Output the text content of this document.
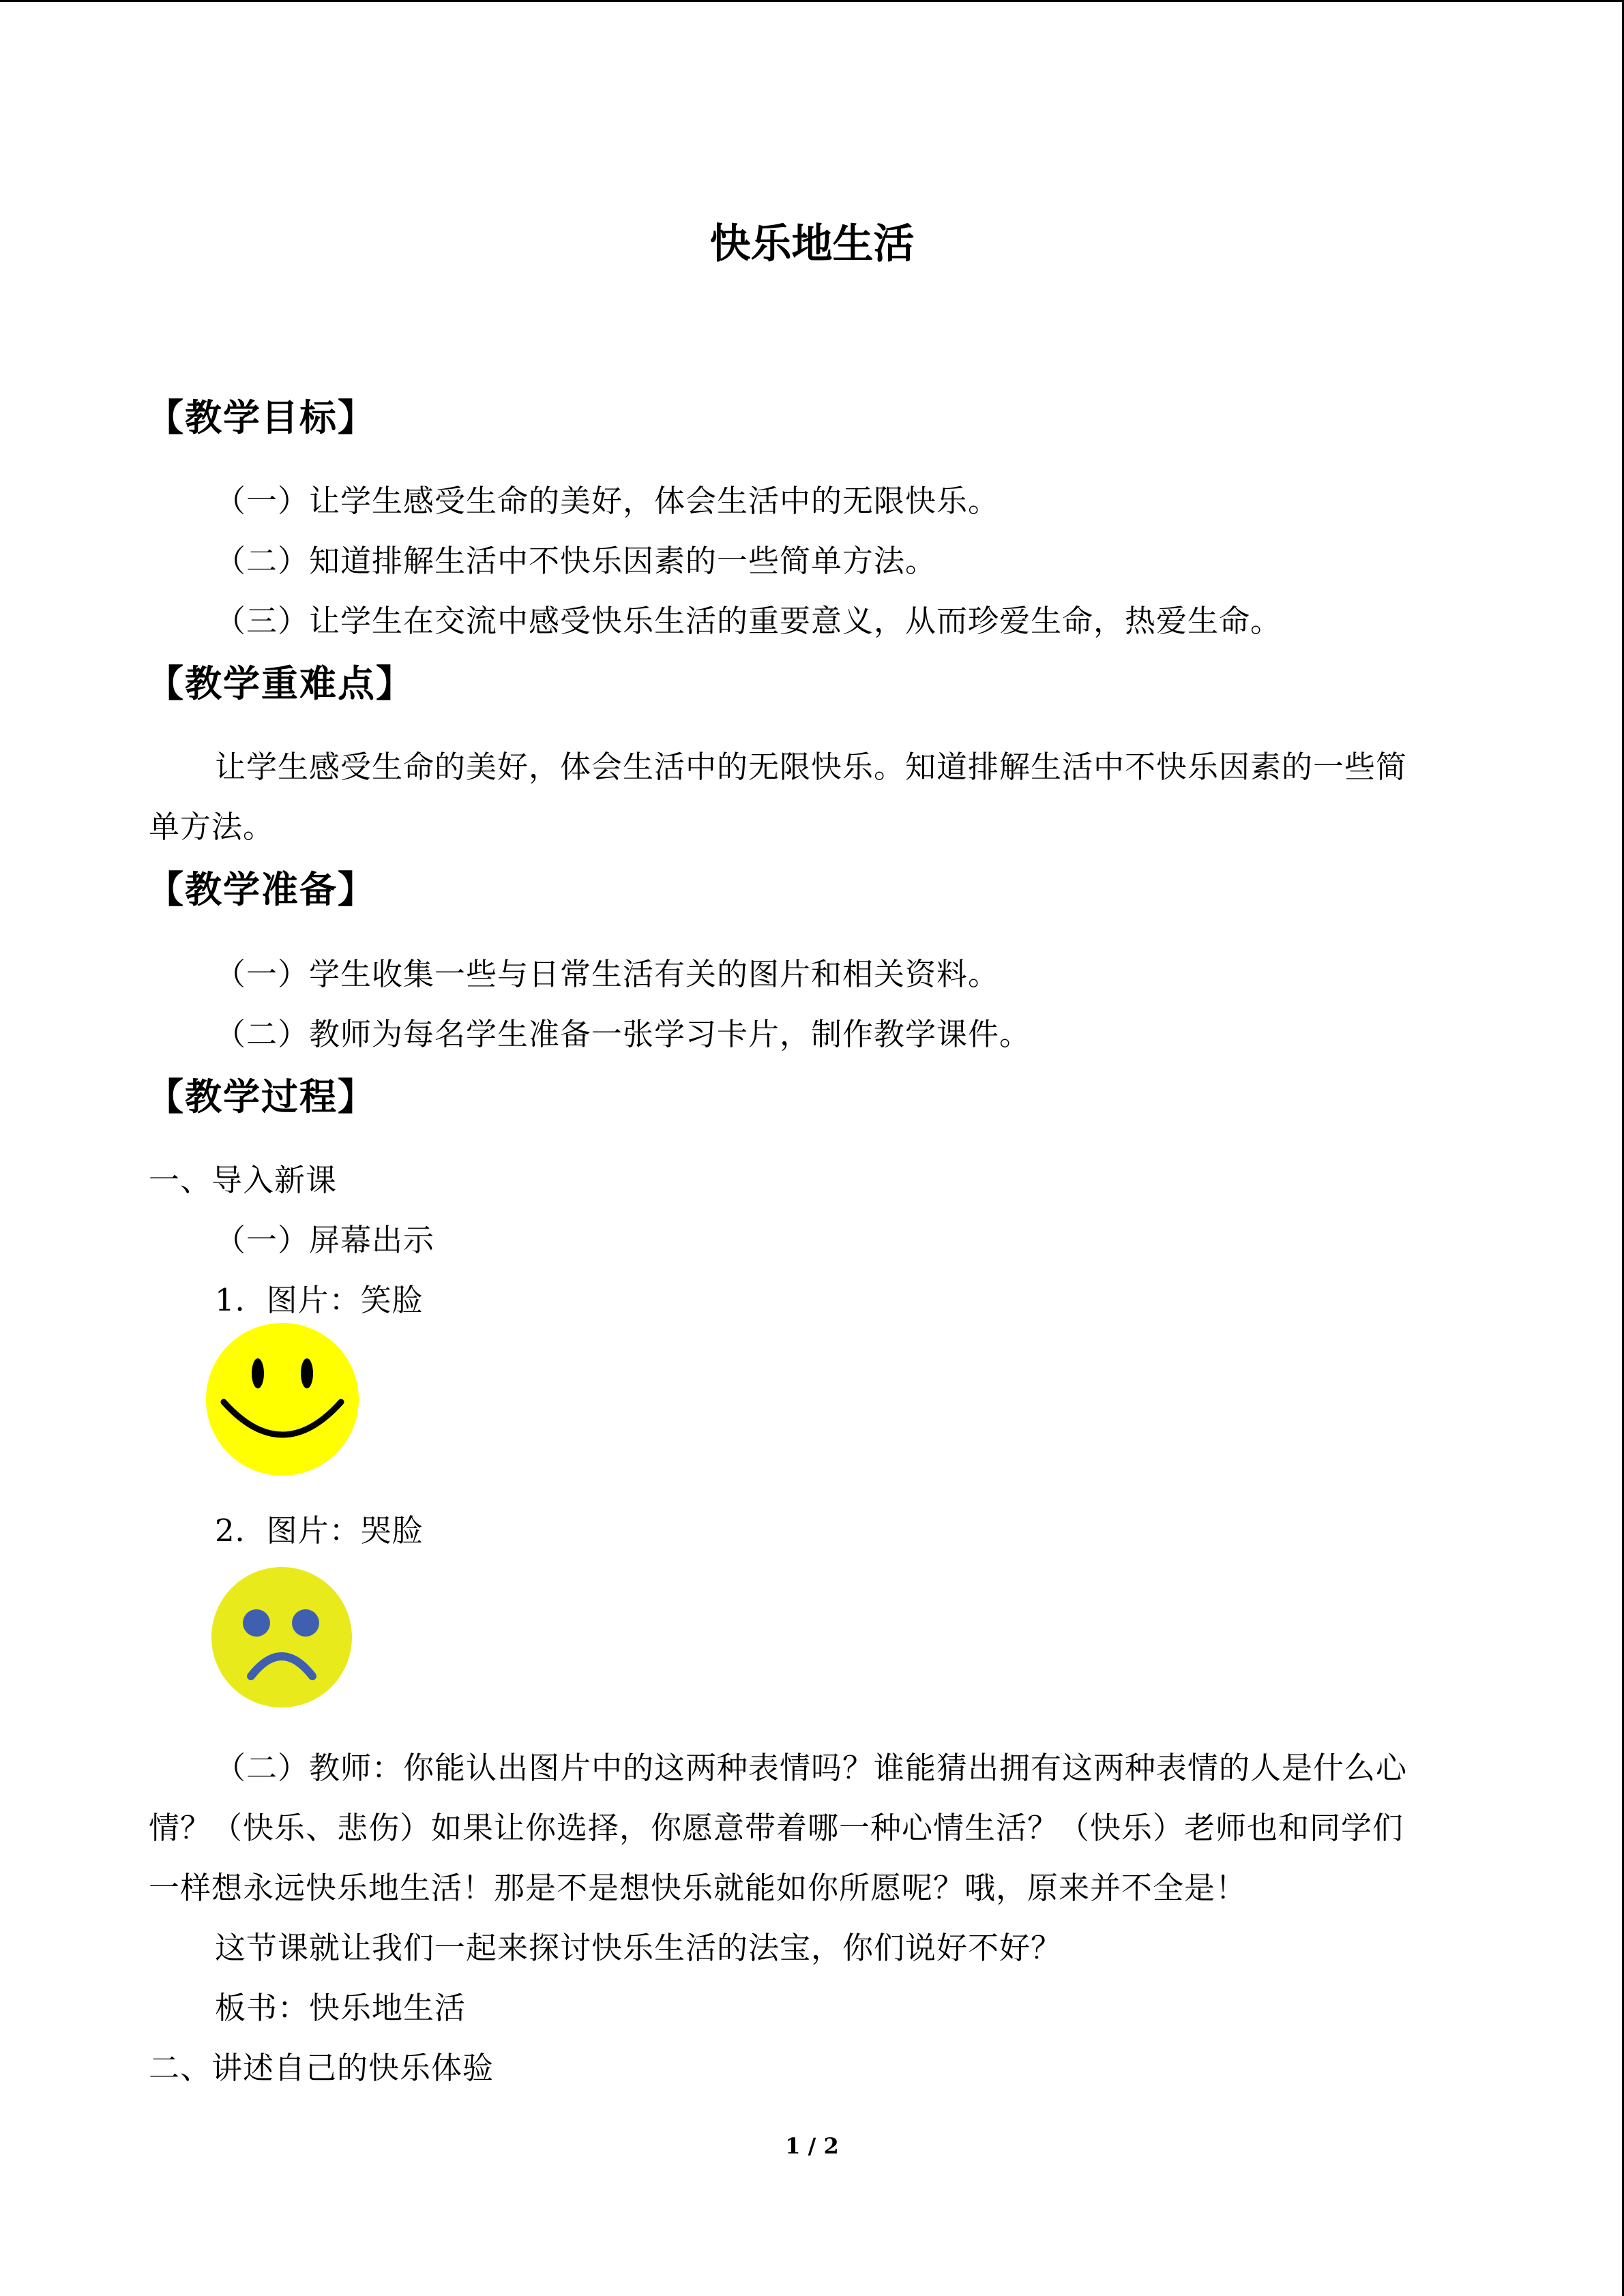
快乐地生活
【教学目标】
（一）让学生感受生命的美好，体会生活中的无限快乐。
（二）知道排解生活中不快乐因素的一些简单方法。
（三）让学生在交流中感受快乐生活的重要意义，从而珍爱生命，热爱生命。
【教学重难点】
让学生感受生命的美好，体会生活中的无限快乐。知道排解生活中不快乐因素的一些简
单方法。
【教学准备】
（一）学生收集一些与日常生活有关的图片和相关资料。
（二）教师为每名学生准备一张学习卡片，制作教学课件。
【教学过程】
一、导入新课
（一）屏幕出示
1．图片：笑脸
2．图片：哭脸
（二）教师：你能认出图片中的这两种表情吗？谁能猜出拥有这两种表情的人是什么心
情？（快乐、悲伤）如果让你选择，你愿意带着哪一种心情生活？（快乐）老师也和同学们
一样想永远快乐地生活！那是不是想快乐就能如你所愿呢？哦，原来并不全是！
这节课就让我们一起来探讨快乐生活的法宝，你们说好不好？
板书：快乐地生活
二、讲述自己的快乐体验
1 / 2
